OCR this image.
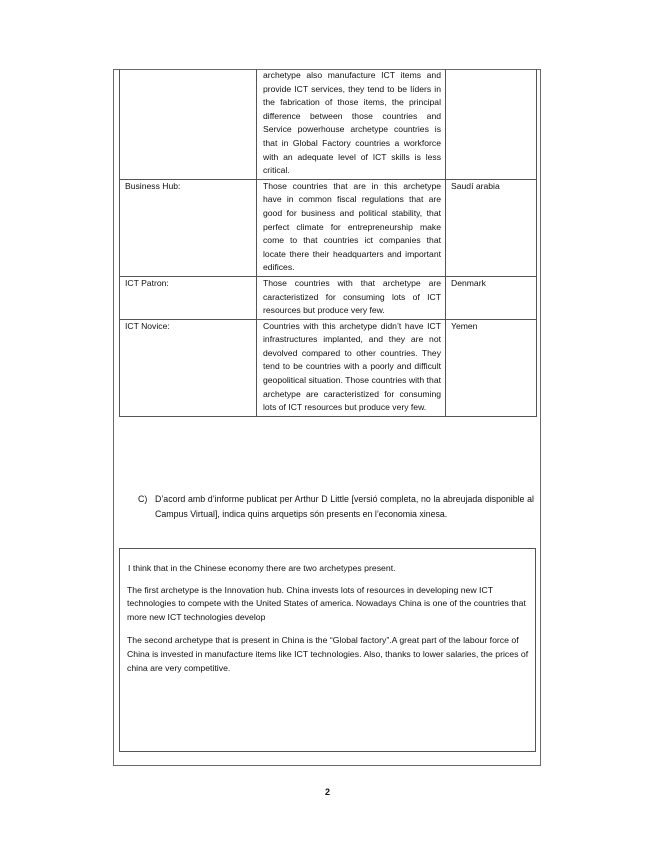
	archetype also manufacture ICT items and provide ICT services, they tend to be líders in the fabrication of those items, the principal difference between those countries and Service powerhouse archetype countries is that in Global Factory countries a workforce with an adequate level of ICT skills is less critical.	
Business Hub:	Those countries that are in this archetype have in common fiscal regulations that are good for business and political stability, that perfect climate for entrepreneurship make come to that countries ict companies that locate there their headquarters and important edifices.	Saudí arabia
ICT Patron:	Those countries with that archetype are caracteristized for consuming lots of ICT resources but produce very few.	Denmark
ICT Novice:	Countries with this archetype didn’t have ICT infrastructures implanted, and they are not devolved compared to other countries. They tend to be countries with a poorly and difficult geopolitical situation. Those countries with that archetype are caracteristized for consuming lots of ICT resources but produce very few.	Yemen
C) D’acord amb d’informe publicat per Arthur D Little [versió completa, no la abreujada disponible al Campus Virtual], indica quins arquetips són presents en l’economia xinesa.

I think that in the Chinese economy there are two archetypes present.

The first archetype is the Innovation hub. China invests lots of resources in developing new ICT technologies to compete with the United States of america. Nowadays China is one of the countries that more new ICT technologies develop

The second archetype that is present in China is the “Global factory”.A great part of the labour force of China is invested in manufacture items like ICT technologies. Also, thanks to lower salaries, the prices of china are very competitive.

2
